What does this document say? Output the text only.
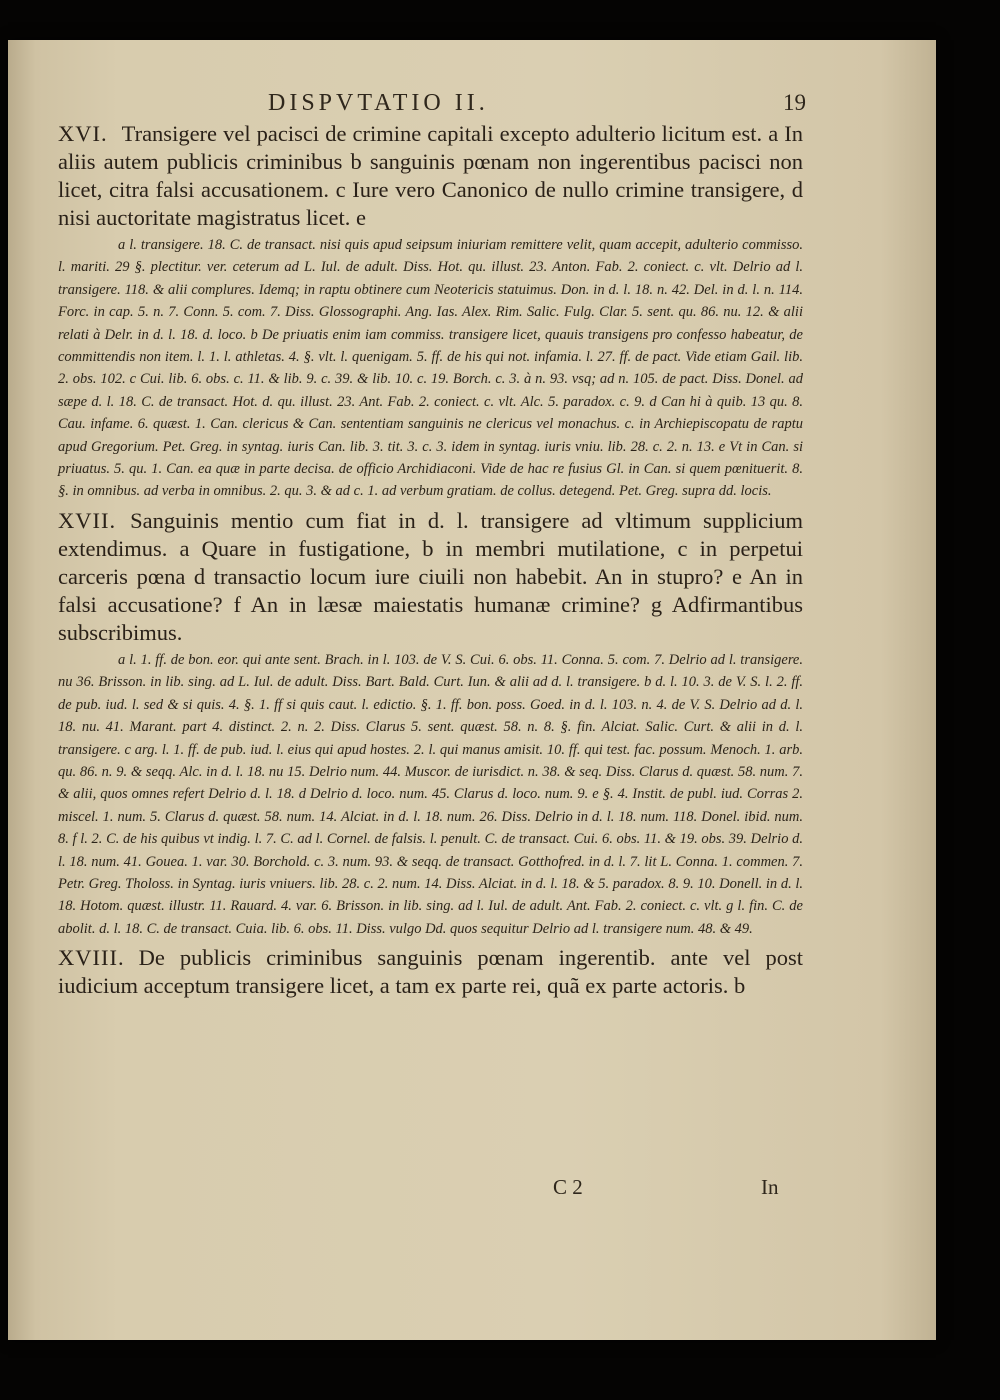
DISPVTATIO II.	19

XVI. Transigere vel pacisci de crimine capitali excepto adulterio licitum est. a In aliis autem publicis criminibus b sanguinis pœnam non ingerentibus pacisci non licet, citra falsi accusationem. c Iure vero Canonico de nullo crimine transigere, d nisi auctoritate magistratus licet. e

a l. transigere. 18. C. de transact. nisi quis apud seipsum iniuriam remittere velit, quam accepit, adulterio commisso. l. mariti. 29 §. plectitur. ver. ceterum ad L. Iul. de adult. Diss. Hot. qu. illust. 23. Anton. Fab. 2. coniect. c. vlt. Delrio ad l. transigere. 118. & alii complures. Idemq; in raptu obtinere cum Neotericis statuimus. Don. in d. l. 18. n. 42. Del. in d. l. n. 114. Forc. in cap. 5. n. 7. Conn. 5. com. 7. Diss. Glossographi. Ang. Ias. Alex. Rim. Salic. Fulg. Clar. 5. sent. qu. 86. nu. 12. & alii relati à Delr. in d. l. 18. d. loco. b De priuatis enim iam commiss. transigere licet, quauis transigens pro confesso habeatur, de committendis non item. l. 1. l. athletas. 4. §. vlt. l. quenigam. 5. ff. de his qui not. infamia. l. 27. ff. de pact. Vide etiam Gail. lib. 2. obs. 102. c Cui. lib. 6. obs. c. 11. & lib. 9. c. 39. & lib. 10. c. 19. Borch. c. 3. à n. 93. vsq; ad n. 105. de pact. Diss. Donel. ad sæpe d. l. 18. C. de transact. Hot. d. qu. illust. 23. Ant. Fab. 2. coniect. c. vlt. Alc. 5. paradox. c. 9. d Can hi à quib. 13 qu. 8. Cau. infame. 6. quæst. 1. Can. clericus & Can. sententiam sanguinis ne clericus vel monachus. c. in Archiepiscopatu de raptu apud Gregorium. Pet. Greg. in syntag. iuris Can. lib. 3. tit. 3. c. 3. idem in syntag. iuris vniu. lib. 28. c. 2. n. 13. e Vt in Can. si priuatus. 5. qu. 1. Can. ea quæ in parte decisa. de officio Archidiaconi. Vide de hac re fusius Gl. in Can. si quem pœnituerit. 8. §. in omnibus. ad verba in omnibus. 2. qu. 3. & ad c. 1. ad verbum gratiam. de collus. detegend. Pet. Greg. supra dd. locis.

XVII. Sanguinis mentio cum fiat in d. l. transigere ad vltimum supplicium extendimus. a Quare in fustigatione, b in membri mutilatione, c in perpetui carceris pœna d transactio locum iure ciuili non habebit. An in stupro? e An in falsi accusatione? f An in læsæ maiestatis humanæ crimine? g Adfirmantibus subscribimus.

a l. 1. ff. de bon. eor. qui ante sent. Brach. in l. 103. de V. S. Cui. 6. obs. 11. Conna. 5. com. 7. Delrio ad l. transigere. nu 36. Brisson. in lib. sing. ad L. Iul. de adult. Diss. Bart. Bald. Curt. Iun. & alii ad d. l. transigere. b d. l. 10. 3. de V. S. l. 2. ff. de pub. iud. l. sed & si quis. 4. §. 1. ff si quis caut. l. edictio. §. 1. ff. bon. poss. Goed. in d. l. 103. n. 4. de V. S. Delrio ad d. l. 18. nu. 41. Marant. part 4. distinct. 2. n. 2. Diss. Clarus 5. sent. quæst. 58. n. 8. §. fin. Alciat. Salic. Curt. & alii in d. l. transigere. c arg. l. 1. ff. de pub. iud. l. eius qui apud hostes. 2. l. qui manus amisit. 10. ff. qui test. fac. possum. Menoch. 1. arb. qu. 86. n. 9. & seqq. Alc. in d. l. 18. nu 15. Delrio num. 44. Muscor. de iurisdict. n. 38. & seq. Diss. Clarus d. quæst. 58. num. 7. & alii, quos omnes refert Delrio d. l. 18. d Delrio d. loco. num. 45. Clarus d. loco. num. 9. e §. 4. Instit. de publ. iud. Corras 2. miscel. 1. num. 5. Clarus d. quæst. 58. num. 14. Alciat. in d. l. 18. num. 26. Diss. Delrio in d. l. 18. num. 118. Donel. ibid. num. 8. f l. 2. C. de his quibus vt indig. l. 7. C. ad l. Cornel. de falsis. l. penult. C. de transact. Cui. 6. obs. 11. & 19. obs. 39. Delrio d. l. 18. num. 41. Gouea. 1. var. 30. Borchold. c. 3. num. 93. & seqq. de transact. Gotthofred. in d. l. 7. lit L. Conna. 1. commen. 7. Petr. Greg. Tholoss. in Syntag. iuris vniuers. lib. 28. c. 2. num. 14. Diss. Alciat. in d. l. 18. & 5. paradox. 8. 9. 10. Donell. in d. l. 18. Hotom. quæst. illustr. 11. Rauard. 4. var. 6. Brisson. in lib. sing. ad l. Iul. de adult. Ant. Fab. 2. coniect. c. vlt. g l. fin. C. de abolit. d. l. 18. C. de transact. Cuia. lib. 6. obs. 11. Diss. vulgo Dd. quos sequitur Delrio ad l. transigere num. 48. & 49.

XVIII. De publicis criminibus sanguinis pœnam ingerentib. ante vel post iudicium acceptum transigere licet, a tam ex parte rei, quã ex parte actoris. b

C 2	In
